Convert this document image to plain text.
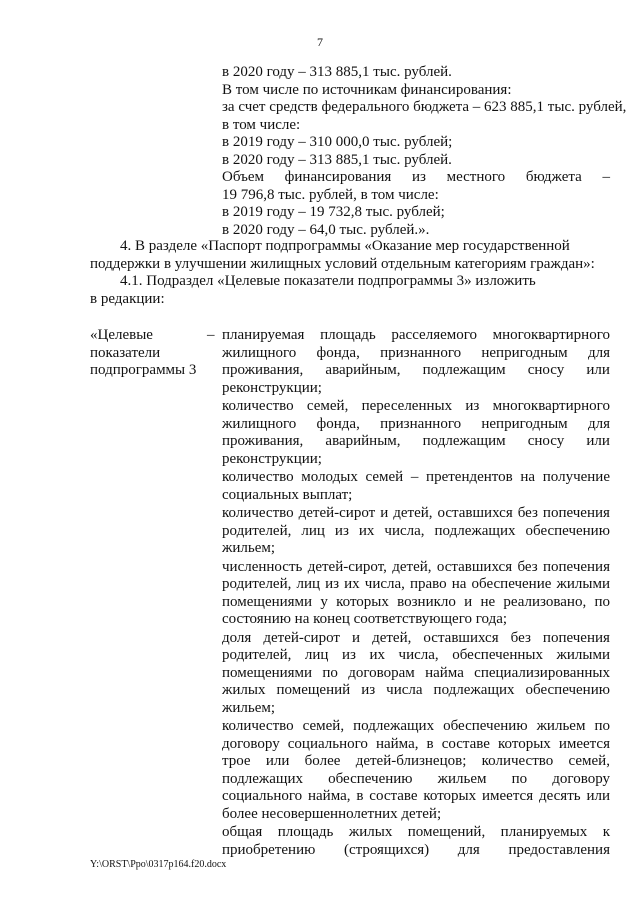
7
в 2020 году – 313 885,1 тыс. рублей.
В том числе по источникам финансирования:
за счет средств федерального бюджета – 623 885,1 тыс. рублей,
в том числе:
в 2019 году – 310 000,0 тыс. рублей;
в 2020 году – 313 885,1 тыс. рублей.
Объем финансирования из местного бюджета –
19 796,8 тыс. рублей, в том числе:
в 2019 году – 19 732,8 тыс. рублей;
в 2020 году – 64,0 тыс. рублей.».
4. В разделе «Паспорт подпрограммы «Оказание мер государственной
поддержки в улучшении жилищных условий отдельным категориям граждан»:
4.1. Подраздел «Целевые показатели подпрограммы 3» изложить
в редакции:
«Целевые
показатели
подпрограммы 3
– планируемая площадь расселяемого многоквартирного
жилищного фонда, признанного непригодным для
проживания, аварийным, подлежащим сносу или
реконструкции;
количество семей, переселенных из многоквартирного
жилищного фонда, признанного непригодным для
проживания, аварийным, подлежащим сносу или
реконструкции;
количество молодых семей – претендентов на получение
социальных выплат;
количество детей-сирот и детей, оставшихся без попечения
родителей, лиц из их числа, подлежащих обеспечению
жильем;
численность детей-сирот, детей, оставшихся без попечения
родителей, лиц из их числа, право на обеспечение жилыми
помещениями у которых возникло и не реализовано, по
состоянию на конец соответствующего года;
доля детей-сирот и детей, оставшихся без попечения
родителей, лиц из их числа, обеспеченных жилыми
помещениями по договорам найма специализированных
жилых помещений из числа подлежащих обеспечению
жильем;
количество семей, подлежащих обеспечению жильем по
договору социального найма, в составе которых имеется
трое или более детей-близнецов; количество семей,
подлежащих обеспечению жильем по договору
социального найма, в составе которых имеется десять или
более несовершеннолетних детей;
общая площадь жилых помещений, планируемых к
приобретению (строящихся) для предоставления
Y:\ORST\Ppo\0317p164.f20.docx
